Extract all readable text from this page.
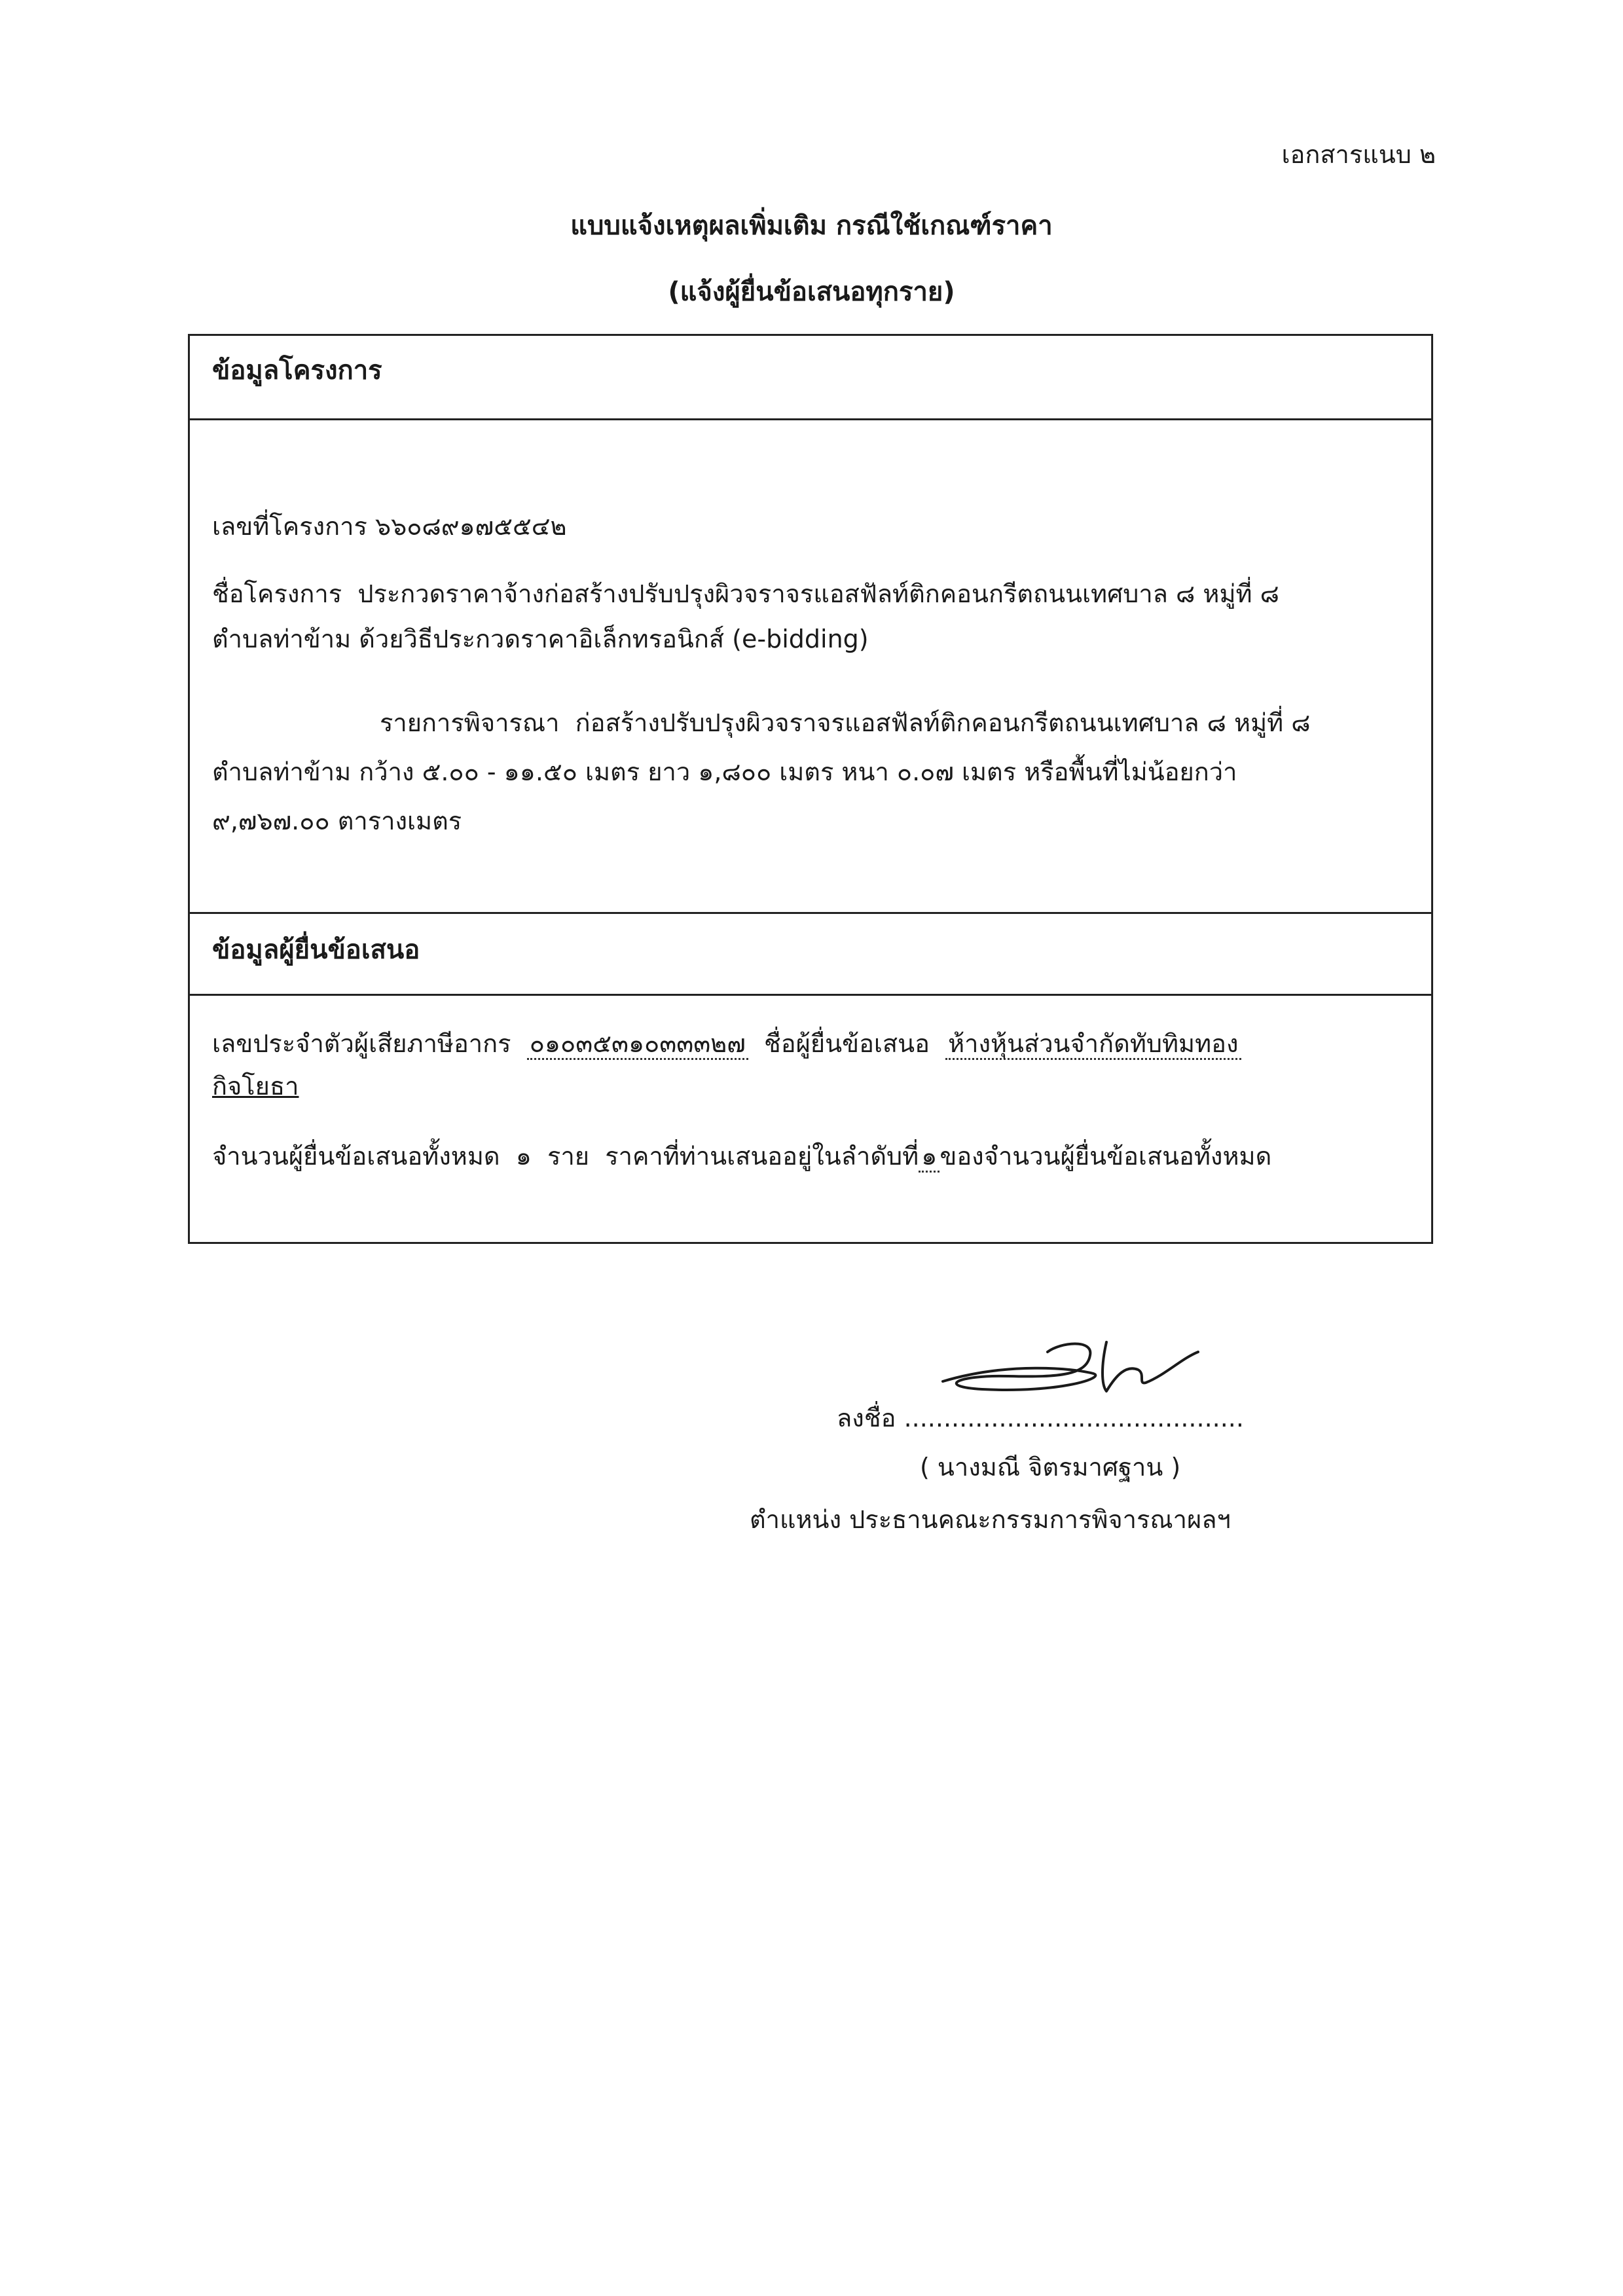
เอกสารแนบ ๒
แบบแจ้งเหตุผลเพิ่มเติม กรณีใช้เกณฑ์ราคา
(แจ้งผู้ยื่นข้อเสนอทุกราย)
ข้อมูลโครงการ
เลขที่โครงการ ๖๖๐๘๙๑๗๕๕๔๒
ชื่อโครงการ ประกวดราคาจ้างก่อสร้างปรับปรุงผิวจราจรแอสฟัลท์ติกคอนกรีตถนนเทศบาล ๘ หมู่ที่ ๘
ตำบลท่าข้าม ด้วยวิธีประกวดราคาอิเล็กทรอนิกส์ (e-bidding)
รายการพิจารณา ก่อสร้างปรับปรุงผิวจราจรแอสฟัลท์ติกคอนกรีตถนนเทศบาล ๘ หมู่ที่ ๘
ตำบลท่าข้าม กว้าง ๕.๐๐ - ๑๑.๕๐ เมตร ยาว ๑,๘๐๐ เมตร หนา ๐.๐๗ เมตร หรือพื้นที่ไม่น้อยกว่า
๙,๗๖๗.๐๐ ตารางเมตร
ข้อมูลผู้ยื่นข้อเสนอ
เลขประจำตัวผู้เสียภาษีอากร ๐๑๐๓๕๓๑๐๓๓๓๒๗ ชื่อผู้ยื่นข้อเสนอ ห้างหุ้นส่วนจำกัดทับทิมทอง
กิจโยธา
จำนวนผู้ยื่นข้อเสนอทั้งหมด ๑ ราย ราคาที่ท่านเสนออยู่ในลำดับที่ ๑ ของจำนวนผู้ยื่นข้อเสนอทั้งหมด
ลงชื่อ ...........................................
( นางมณี จิตรมาศฐาน )
ตำแหน่ง ประธานคณะกรรมการพิจารณาผลฯ
